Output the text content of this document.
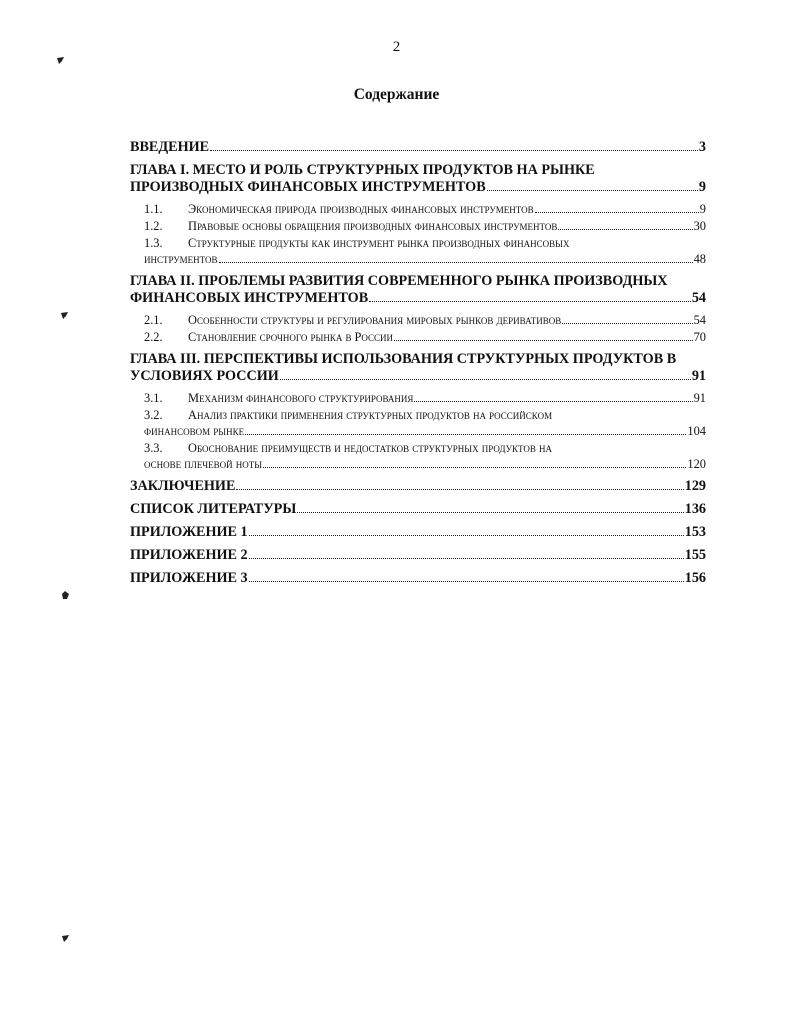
2
Содержание
ВВЕДЕНИЕ	3
ГЛАВА I. МЕСТО И РОЛЬ СТРУКТУРНЫХ ПРОДУКТОВ НА РЫНКЕ
ПРОИЗВОДНЫХ ФИНАНСОВЫХ ИНСТРУМЕНТОВ	9
1.1.	Экономическая природа производных финансовых инструментов	9
1.2.	Правовые основы обращения производных финансовых инструментов	30
1.3.	Структурные продукты как инструмент рынка производных финансовых
инструментов	48
ГЛАВА II. ПРОБЛЕМЫ РАЗВИТИЯ СОВРЕМЕННОГО РЫНКА ПРОИЗВОДНЫХ
ФИНАНСОВЫХ ИНСТРУМЕНТОВ	54
2.1.	Особенности структуры и регулирования мировых рынков деривативов	54
2.2.	Становление срочного рынка в России	70
ГЛАВА III. ПЕРСПЕКТИВЫ ИСПОЛЬЗОВАНИЯ СТРУКТУРНЫХ ПРОДУКТОВ В
УСЛОВИЯХ РОССИИ	91
3.1.	Механизм финансового структурирования	91
3.2.	Анализ практики применения структурных продуктов на российском
финансовом рынке	104
3.3.	Обоснование преимуществ и недостатков структурных продуктов на
основе плечевой ноты	120
ЗАКЛЮЧЕНИЕ	129
СПИСОК ЛИТЕРАТУРЫ	136
ПРИЛОЖЕНИЕ 1	153
ПРИЛОЖЕНИЕ 2	155
ПРИЛОЖЕНИЕ 3	156
